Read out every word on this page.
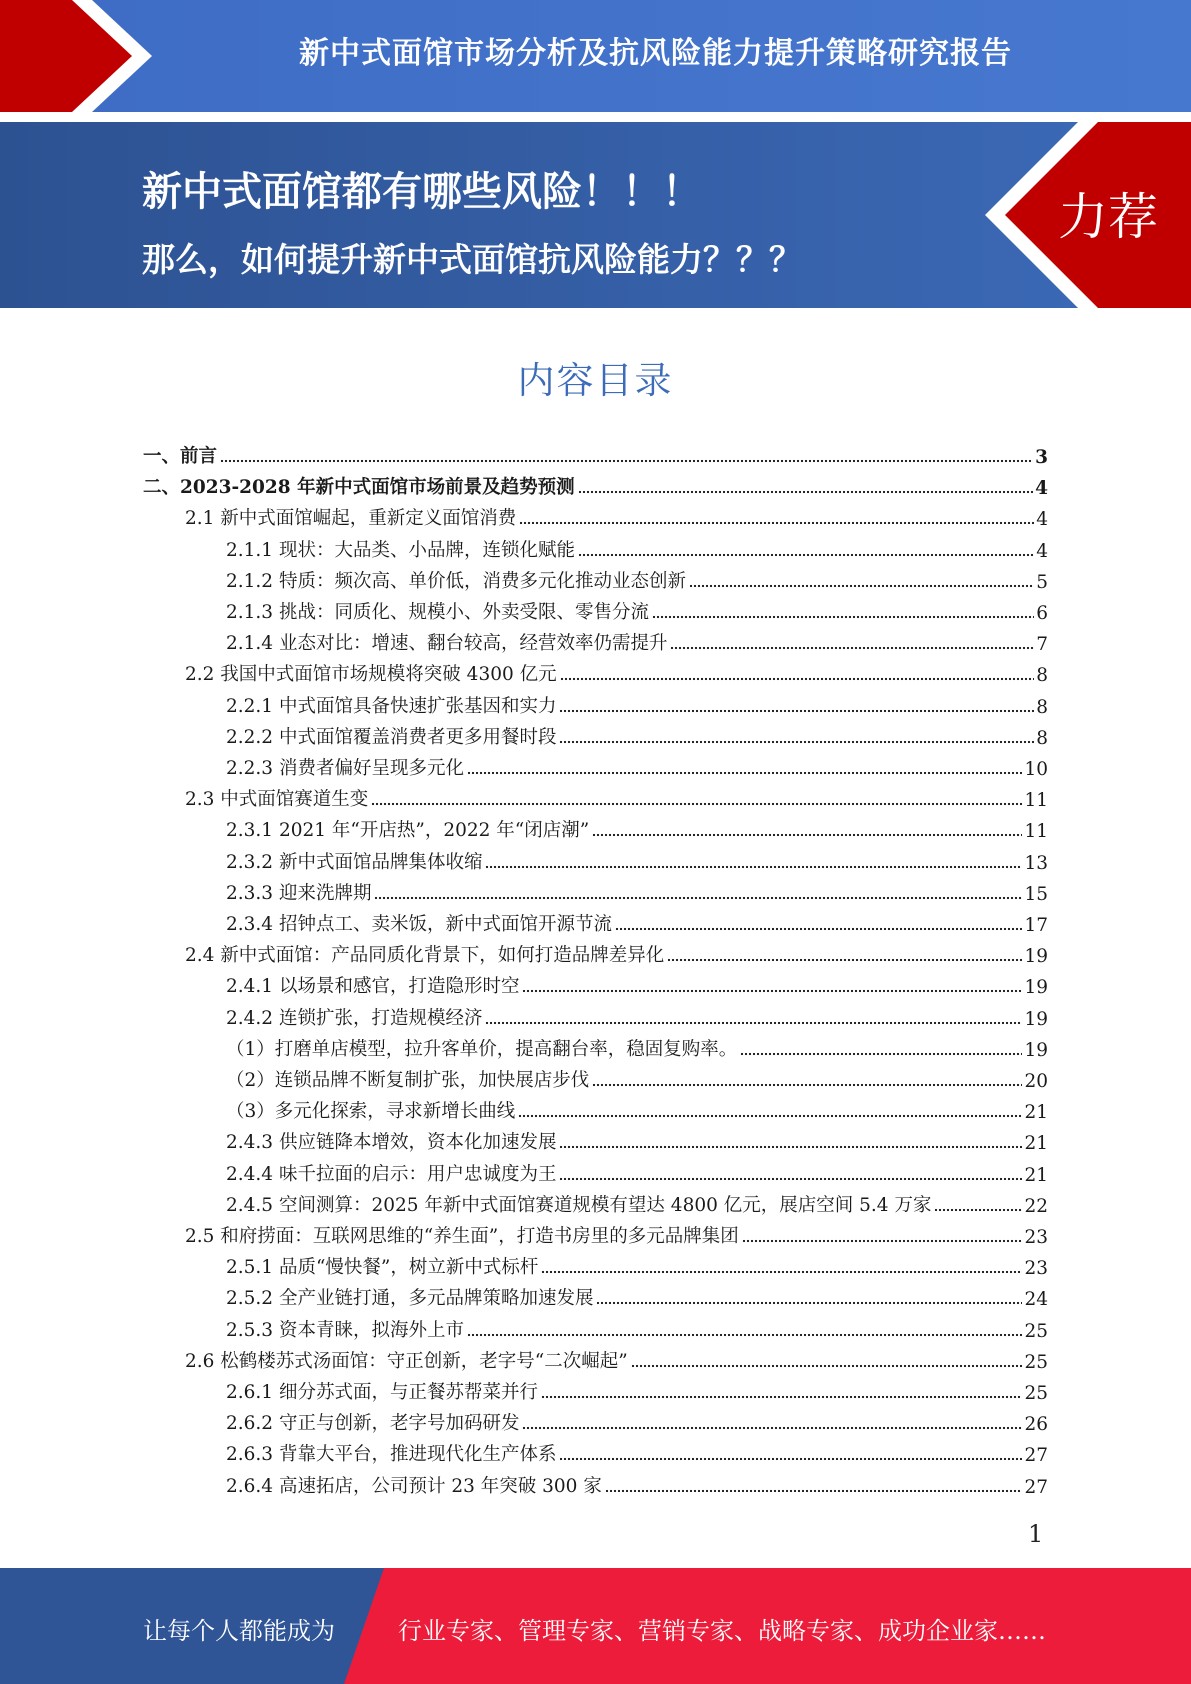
新中式面馆市场分析及抗风险能力提升策略研究报告
新中式面馆都有哪些风险！！！
那么，如何提升新中式面馆抗风险能力？？？
力荐
内容目录
一、前言	3
二、2023-2028 年新中式面馆市场前景及趋势预测	4
2.1 新中式面馆崛起，重新定义面馆消费	4
2.1.1 现状：大品类、小品牌，连锁化赋能	4
2.1.2 特质：频次高、单价低，消费多元化推动业态创新	5
2.1.3 挑战：同质化、规模小、外卖受限、零售分流	6
2.1.4 业态对比：增速、翻台较高，经营效率仍需提升	7
2.2 我国中式面馆市场规模将突破 4300 亿元	8
2.2.1 中式面馆具备快速扩张基因和实力	8
2.2.2 中式面馆覆盖消费者更多用餐时段	8
2.2.3 消费者偏好呈现多元化	10
2.3 中式面馆赛道生变	11
2.3.1 2021 年“开店热”，2022 年“闭店潮”	11
2.3.2 新中式面馆品牌集体收缩	13
2.3.3 迎来洗牌期	15
2.3.4 招钟点工、卖米饭，新中式面馆开源节流	17
2.4 新中式面馆：产品同质化背景下，如何打造品牌差异化	19
2.4.1 以场景和感官，打造隐形时空	19
2.4.2 连锁扩张，打造规模经济	19
（1）打磨单店模型，拉升客单价，提高翻台率，稳固复购率。	19
（2）连锁品牌不断复制扩张，加快展店步伐	20
（3）多元化探索，寻求新增长曲线	21
2.4.3 供应链降本增效，资本化加速发展	21
2.4.4 味千拉面的启示：用户忠诚度为王	21
2.4.5 空间测算：2025 年新中式面馆赛道规模有望达 4800 亿元，展店空间 5.4 万家	22
2.5 和府捞面：互联网思维的“养生面”，打造书房里的多元品牌集团	23
2.5.1 品质“慢快餐”，树立新中式标杆	23
2.5.2 全产业链打通，多元品牌策略加速发展	24
2.5.3 资本青睐，拟海外上市	25
2.6 松鹤楼苏式汤面馆：守正创新，老字号“二次崛起”	25
2.6.1 细分苏式面，与正餐苏帮菜并行	25
2.6.2 守正与创新，老字号加码研发	26
2.6.3 背靠大平台，推进现代化生产体系	27
2.6.4 高速拓店，公司预计 23 年突破 300 家	27
1
让每个人都能成为	行业专家、管理专家、营销专家、战略专家、成功企业家……
